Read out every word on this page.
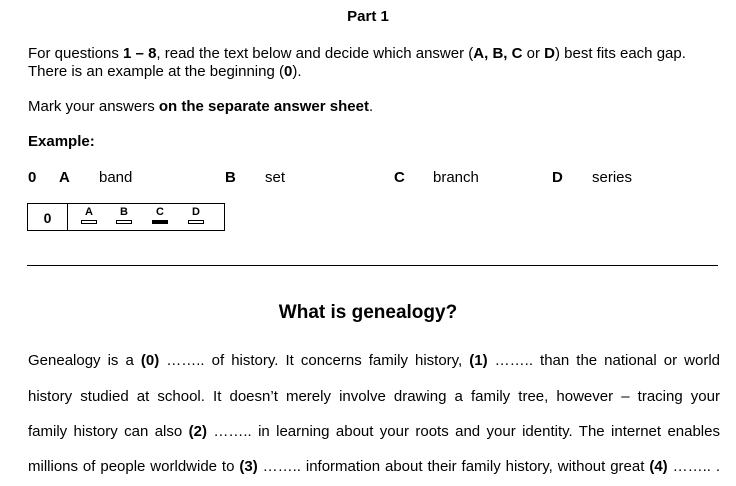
Part 1
For questions 1 – 8, read the text below and decide which answer (A, B, C or D) best fits each gap.
There is an example at the beginning (0).
Mark your answers on the separate answer sheet.
Example:
0 A band	B set	C branch	D series
0	A	B	C	D
What is genealogy?
Genealogy is a (0) …….. of history. It concerns family history, (1) …….. than the national or world
history studied at school. It doesn’t merely involve drawing a family tree, however – tracing your
family history can also (2) …….. in learning about your roots and your identity. The internet enables
millions of people worldwide to (3) …….. information about their family history, without great (4) …….. .
